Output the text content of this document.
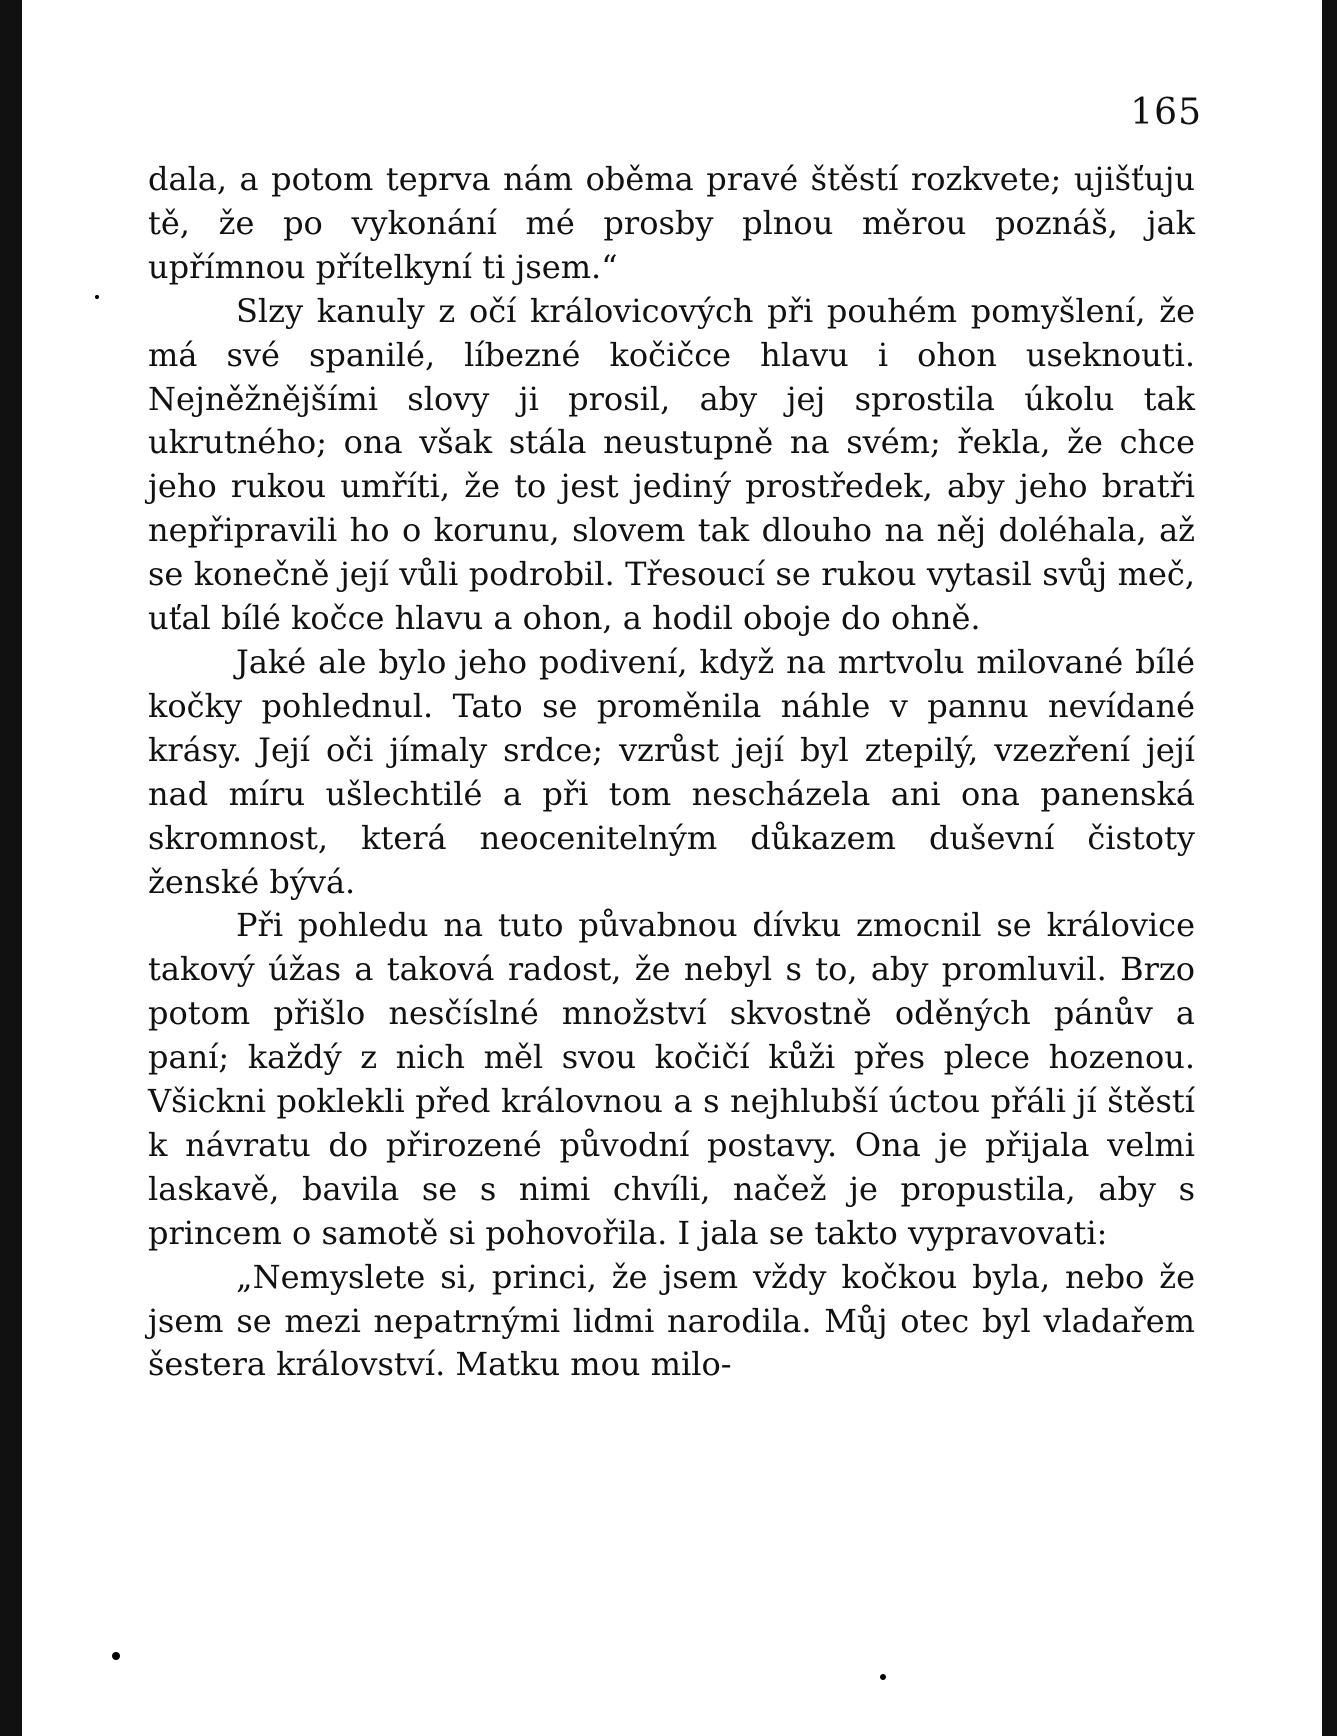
165

dala, a potom teprva nám oběma pravé štěstí rozkvete; ujišťuju tě, že po vykonání mé prosby plnou měrou poznáš, jak upřímnou přítelkyní ti jsem.“

Slzy kanuly z očí královicových při pouhém pomyšlení, že má své spanilé, líbezné kočičce hlavu i ohon useknouti. Nejněžnějšími slovy ji prosil, aby jej sprostila úkolu tak ukrutného; ona však stála neustupně na svém; řekla, že chce jeho rukou umříti, že to jest jediný prostředek, aby jeho bratři nepřipravili ho o korunu, slovem tak dlouho na něj doléhala, až se konečně její vůli podrobil. Třesoucí se rukou vytasil svůj meč, uťal bílé kočce hlavu a ohon, a hodil oboje do ohně.

Jaké ale bylo jeho podivení, když na mrtvolu milované bílé kočky pohlednul. Tato se proměnila náhle v pannu nevídané krásy. Její oči jímaly srdce; vzrůst její byl ztepilý, vzezření její nad míru ušlechtilé a při tom nescházela ani ona panenská skromnost, která neocenitelným důkazem duševní čistoty ženské bývá.

Při pohledu na tuto půvabnou dívku zmocnil se královice takový úžas a taková radost, že nebyl s to, aby promluvil. Brzo potom přišlo nesčíslné množství skvostně oděných pánův a paní; každý z nich měl svou kočičí kůži přes plece hozenou. Všickni poklekli před královnou a s nejhlubší úctou přáli jí štěstí k návratu do přirozené původní postavy. Ona je přijala velmi laskavě, bavila se s nimi chvíli, načež je propustila, aby s princem o samotě si pohovořila. I jala se takto vypravovati:

„Nemyslete si, princi, že jsem vždy kočkou byla, nebo že jsem se mezi nepatrnými lidmi narodila. Můj otec byl vladařem šestera království. Matku mou milo-
